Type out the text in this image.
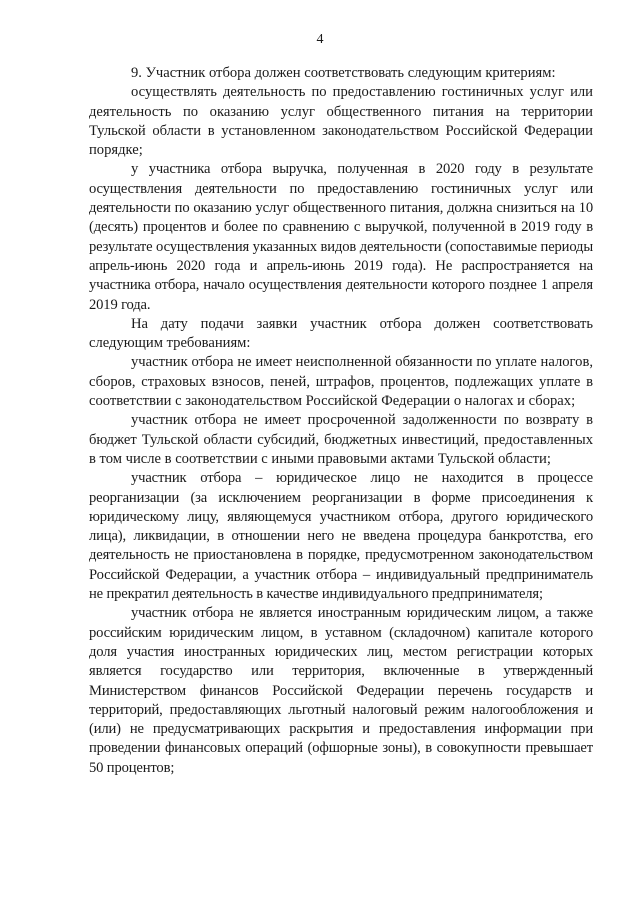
4

9. Участник отбора должен соответствовать следующим критериям:

осуществлять деятельность по предоставлению гостиничных услуг или деятельность по оказанию услуг общественного питания на территории Тульской области в установленном законодательством Российской Федерации порядке;

у участника отбора выручка, полученная в 2020 году в результате осуществления деятельности по предоставлению гостиничных услуг или деятельности по оказанию услуг общественного питания, должна снизиться на 10 (десять) процентов и более по сравнению с выручкой, полученной в 2019 году в результате осуществления указанных видов деятельности (сопоставимые периоды апрель-июнь 2020 года и апрель-июнь 2019 года). Не распространяется на участника отбора, начало осуществления деятельности которого позднее 1 апреля 2019 года.

На дату подачи заявки участник отбора должен соответствовать следующим требованиям:

участник отбора не имеет неисполненной обязанности по уплате налогов, сборов, страховых взносов, пеней, штрафов, процентов, подлежащих уплате в соответствии с законодательством Российской Федерации о налогах и сборах;

участник отбора не имеет просроченной задолженности по возврату в бюджет Тульской области субсидий, бюджетных инвестиций, предоставленных в том числе в соответствии с иными правовыми актами Тульской области;

участник отбора – юридическое лицо не находится в процессе реорганизации (за исключением реорганизации в форме присоединения к юридическому лицу, являющемуся участником отбора, другого юридического лица), ликвидации, в отношении него не введена процедура банкротства, его деятельность не приостановлена в порядке, предусмотренном законодательством Российской Федерации, а участник отбора – индивидуальный предприниматель не прекратил деятельность в качестве индивидуального предпринимателя;

участник отбора не является иностранным юридическим лицом, а также российским юридическим лицом, в уставном (складочном) капитале которого доля участия иностранных юридических лиц, местом регистрации которых является государство или территория, включенные в утвержденный Министерством финансов Российской Федерации перечень государств и территорий, предоставляющих льготный налоговый режим налогообложения и (или) не предусматривающих раскрытия и предоставления информации при проведении финансовых операций (офшорные зоны), в совокупности превышает 50 процентов;
